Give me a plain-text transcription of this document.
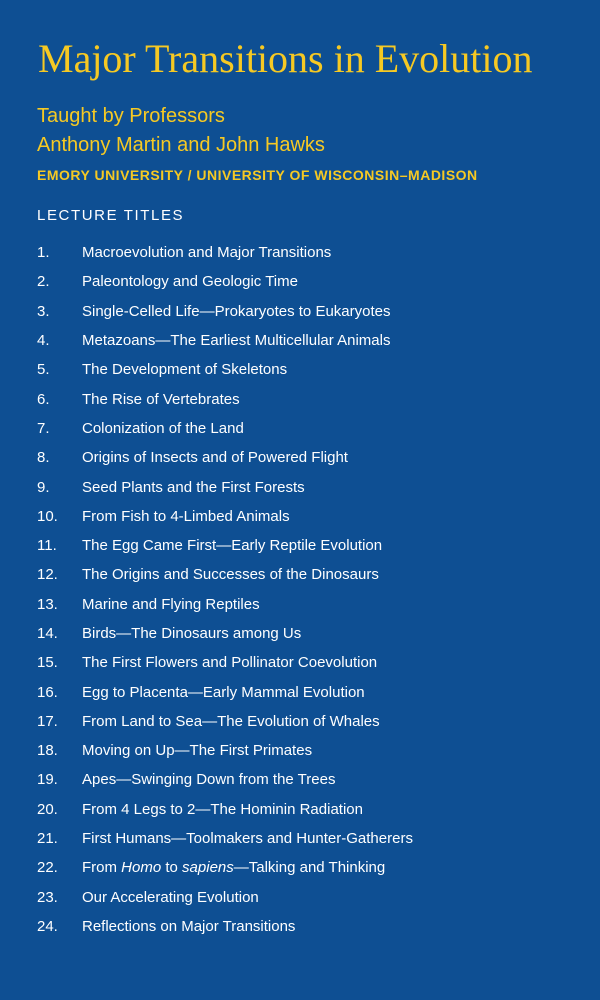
Major Transitions in Evolution
Taught by Professors
Anthony Martin and John Hawks
EMORY UNIVERSITY / UNIVERSITY OF WISCONSIN–MADISON
LECTURE TITLES
1.	Macroevolution and Major Transitions
2.	Paleontology and Geologic Time
3.	Single-Celled Life—Prokaryotes to Eukaryotes
4.	Metazoans—The Earliest Multicellular Animals
5.	The Development of Skeletons
6.	The Rise of Vertebrates
7.	Colonization of the Land
8.	Origins of Insects and of Powered Flight
9.	Seed Plants and the First Forests
10.	From Fish to 4-Limbed Animals
11.	The Egg Came First—Early Reptile Evolution
12.	The Origins and Successes of the Dinosaurs
13.	Marine and Flying Reptiles
14.	Birds—The Dinosaurs among Us
15.	The First Flowers and Pollinator Coevolution
16.	Egg to Placenta—Early Mammal Evolution
17.	From Land to Sea—The Evolution of Whales
18.	Moving on Up—The First Primates
19.	Apes—Swinging Down from the Trees
20.	From 4 Legs to 2—The Hominin Radiation
21.	First Humans—Toolmakers and Hunter-Gatherers
22.	From Homo to sapiens—Talking and Thinking
23.	Our Accelerating Evolution
24.	Reflections on Major Transitions
